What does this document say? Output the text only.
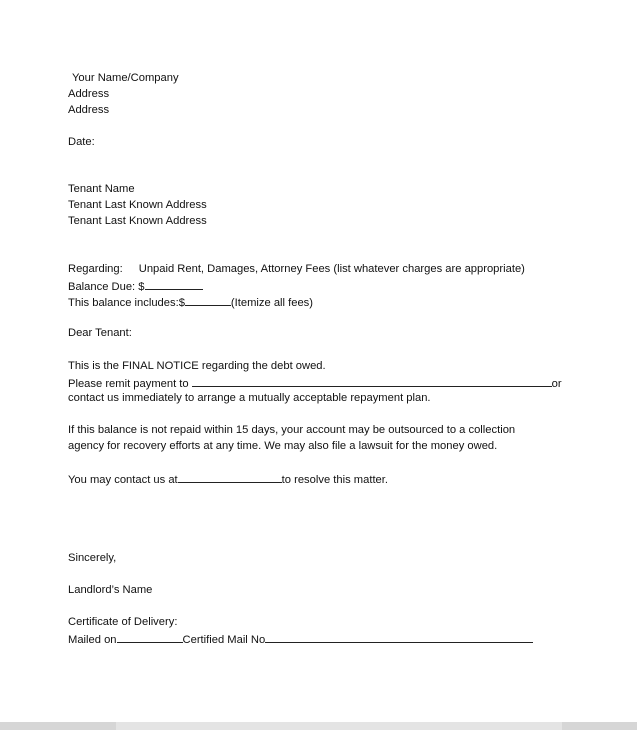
Your Name/Company
Address
Address
Date:
Tenant Name
Tenant Last Known Address
Tenant Last Known Address
Regarding: Unpaid Rent, Damages, Attorney Fees (list whatever charges are appropriate)
Balance Due: $
This balance includes:$	(Itemize all fees)
Dear Tenant:
This is the FINAL NOTICE regarding the debt owed.
Please remit payment to	or
contact us immediately to arrange a mutually acceptable repayment plan.
If this balance is not repaid within 15 days, your account may be outsourced to a collection
agency for recovery efforts at any time. We may also file a lawsuit for the money owed.
You may contact us at	to resolve this matter.
Sincerely,
Landlord’s Name
Certificate of Delivery:
Mailed on	Certified Mail No
